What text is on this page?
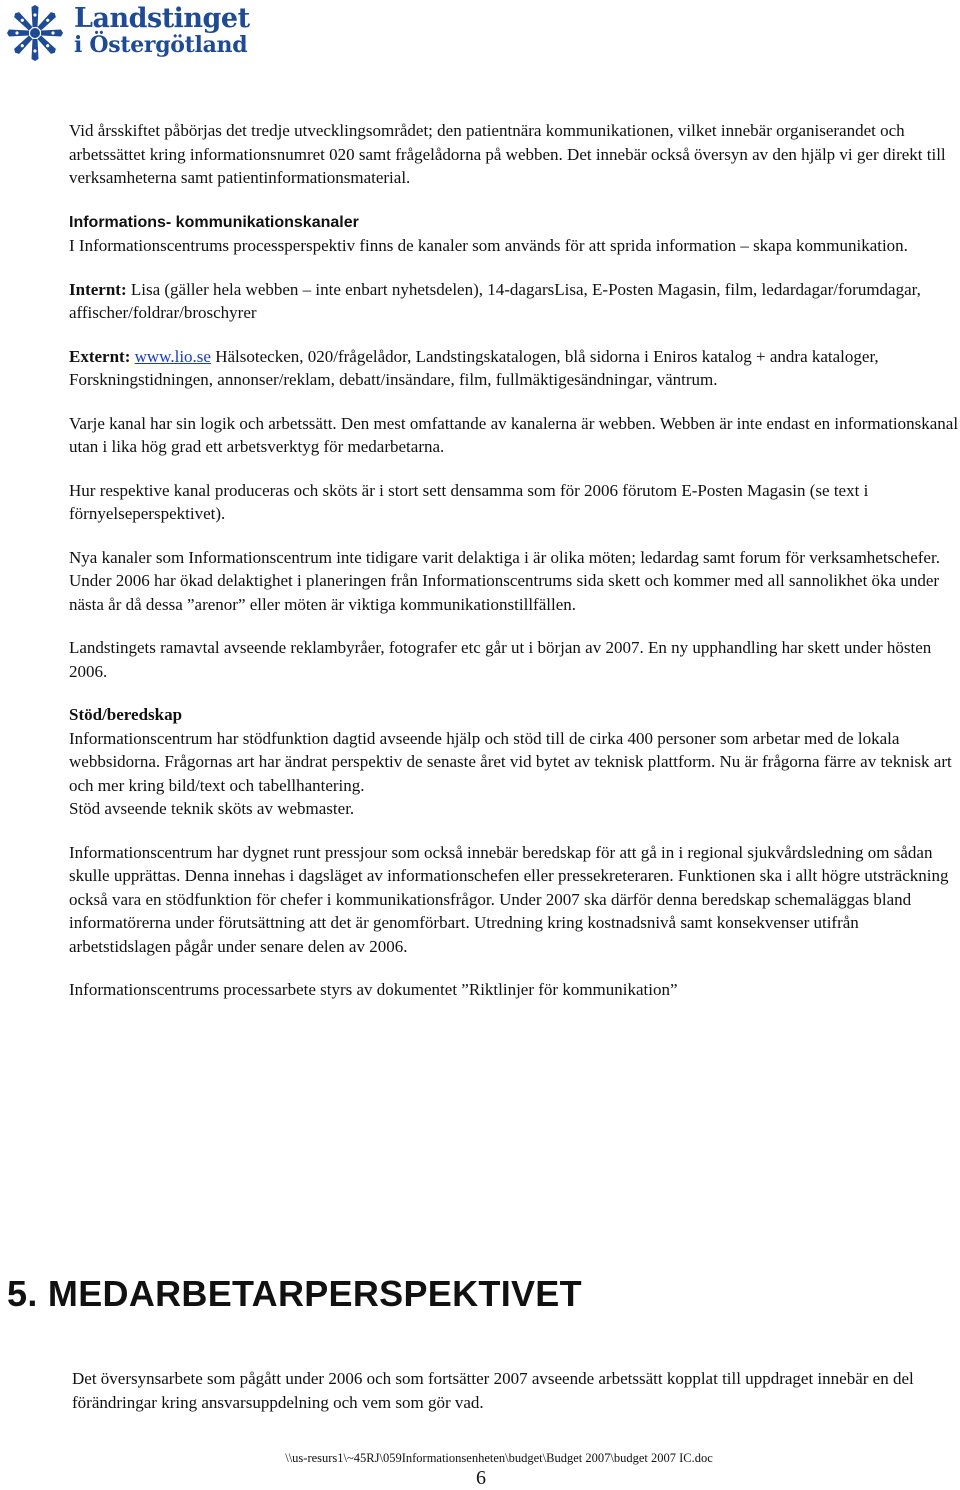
Landstinget
i Östergötland

Vid årsskiftet påbörjas det tredje utvecklingsområdet; den patientnära kommunikationen, vilket innebär organiserandet och arbetssättet kring informationsnumret 020 samt frågelådorna på webben. Det innebär också översyn av den hjälp vi ger direkt till verksamheterna samt patientinformationsmaterial.

Informations- kommunikationskanaler
I Informationscentrums processperspektiv finns de kanaler som används för att sprida information – skapa kommunikation.

Internt: Lisa (gäller hela webben – inte enbart nyhetsdelen), 14-dagarsLisa, E-Posten Magasin, film, ledardagar/forumdagar, affischer/foldrar/broschyrer

Externt: www.lio.se Hälsotecken, 020/frågelådor, Landstingskatalogen, blå sidorna i Eniros katalog + andra kataloger, Forskningstidningen, annonser/reklam, debatt/insändare, film, fullmäktigesändningar, väntrum.

Varje kanal har sin logik och arbetssätt. Den mest omfattande av kanalerna är webben. Webben är inte endast en informationskanal utan i lika hög grad ett arbetsverktyg för medarbetarna.

Hur respektive kanal produceras och sköts är i stort sett densamma som för 2006 förutom E-Posten Magasin (se text i förnyelseperspektivet).

Nya kanaler som Informationscentrum inte tidigare varit delaktiga i är olika möten; ledardag samt forum för verksamhetschefer. Under 2006 har ökad delaktighet i planeringen från Informationscentrums sida skett och kommer med all sannolikhet öka under nästa år då dessa ”arenor” eller möten är viktiga kommunikationstillfällen.

Landstingets ramavtal avseende reklambyråer, fotografer etc går ut i början av 2007. En ny upphandling har skett under hösten 2006.

Stöd/beredskap
Informationscentrum har stödfunktion dagtid avseende hjälp och stöd till de cirka 400 personer som arbetar med de lokala webbsidorna. Frågornas art har ändrat perspektiv de senaste året vid bytet av teknisk plattform. Nu är frågorna färre av teknisk art och mer kring bild/text och tabellhantering.
Stöd avseende teknik sköts av webmaster.

Informationscentrum har dygnet runt pressjour som också innebär beredskap för att gå in i regional sjukvårdsledning om sådan skulle upprättas. Denna innehas i dagsläget av informationschefen eller pressekreteraren. Funktionen ska i allt högre utsträckning också vara en stödfunktion för chefer i kommunikationsfrågor. Under 2007 ska därför denna beredskap schemaläggas bland informatörerna under förutsättning att det är genomförbart. Utredning kring kostnadsnivå samt konsekvenser utifrån arbetstidslagen pågår under senare delen av 2006.

Informationscentrums processarbete styrs av dokumentet ”Riktlinjer för kommunikation”

5. MEDARBETARPERSPEKTIVET

Det översynsarbete som pågått under 2006 och som fortsätter 2007 avseende arbetssätt kopplat till uppdraget innebär en del förändringar kring ansvarsuppdelning och vem som gör vad.

\\us-resurs1\~45RJ\059Informationsenheten\budget\Budget 2007\budget 2007 IC.doc
6
